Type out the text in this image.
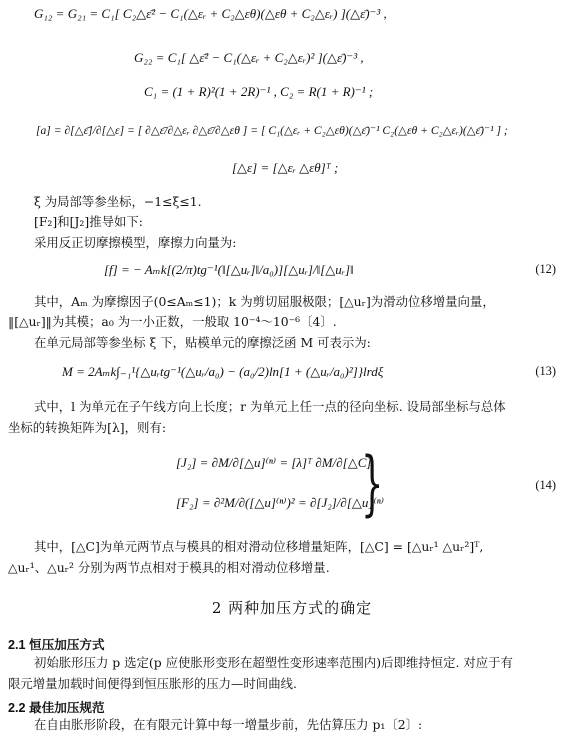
G₁₂ = G₂₁ = C₁[ C₂△ε̄² − C₁(△εᵣ + C₂△εθ)(△εθ + C₂△εᵣ) ](△ε̄)⁻³ ,
G₂₂ = C₁[ △ε̄² − C₁(△εᵣ + C₂△εᵣ)² ](△ε̄)⁻³ ,
C₁ = (1 + R)²(1 + 2R)⁻¹ , C₂ = R(1 + R)⁻¹ ;
[a] = ∂[△ε̄]/∂[△ε] = [ ∂△ε̄/∂△εᵣ ∂△ε̄/∂△εθ ] = [ C₁(△εᵣ + C₂△εθ)(△ε̄)⁻¹ C₂(△εθ + C₂△εᵣ)(△ε̄)⁻¹ ] ;
[△ε] = [△εᵣ △εθ]ᵀ ;
ξ 为局部等参坐标，−1≤ξ≤1.
[F₂]和[J₂]推导如下:
采用反正切摩擦模型，摩擦力向量为:
[f] = − Aₘk[(2/π)tg⁻¹(‖[△uᵣ]‖/a₀)][△uᵣ]/‖[△uᵣ]‖	(12)
其中，Aₘ 为摩擦因子(0≤Aₘ≤1)；k 为剪切屈服极限；[△uᵣ]为滑动位移增量向量，
‖[△uᵣ]‖为其模；a₀ 为一小正数，一般取 10⁻⁴～10⁻⁶〔4〕.
在单元局部等参坐标 ξ 下，贴模单元的摩擦泛函 M 可表示为:
M = 2Aₘk∫₋₁¹{△uᵣtg⁻¹(△uᵣ/a₀) − (a₀/2)ln[1 + (△uᵣ/a₀)²]}lrdξ	(13)
式中，l 为单元在子午线方向上长度；r 为单元上任一点的径向坐标. 设局部坐标与总体
坐标的转换矩阵为[λ]，则有:
[J₂] = ∂M/∂[△u]⁽ⁿ⁾ = [λ]ᵀ ∂M/∂[△C]
[F₂] = ∂²M/∂([△u]⁽ⁿ⁾)² = ∂[J₂]/∂[△u]⁽ⁿ⁾
}	(14)
其中，[△C]为单元两节点与模具的相对滑动位移增量矩阵，[△C] = [△uᵣ¹ △uᵣ²]ᵀ,
△uᵣ¹、△uᵣ² 分别为两节点相对于模具的相对滑动位移增量.
2 两种加压方式的确定
2.1 恒压加压方式
初始胀形压力 p 选定(p 应使胀形变形在超塑性变形速率范围内)后即维持恒定. 对应于有
限元增量加载时间便得到恒压胀形的压力—时间曲线.
2.2 最佳加压规范
在自由胀形阶段，在有限元计算中每一增量步前，先估算压力 p₁〔2〕:
